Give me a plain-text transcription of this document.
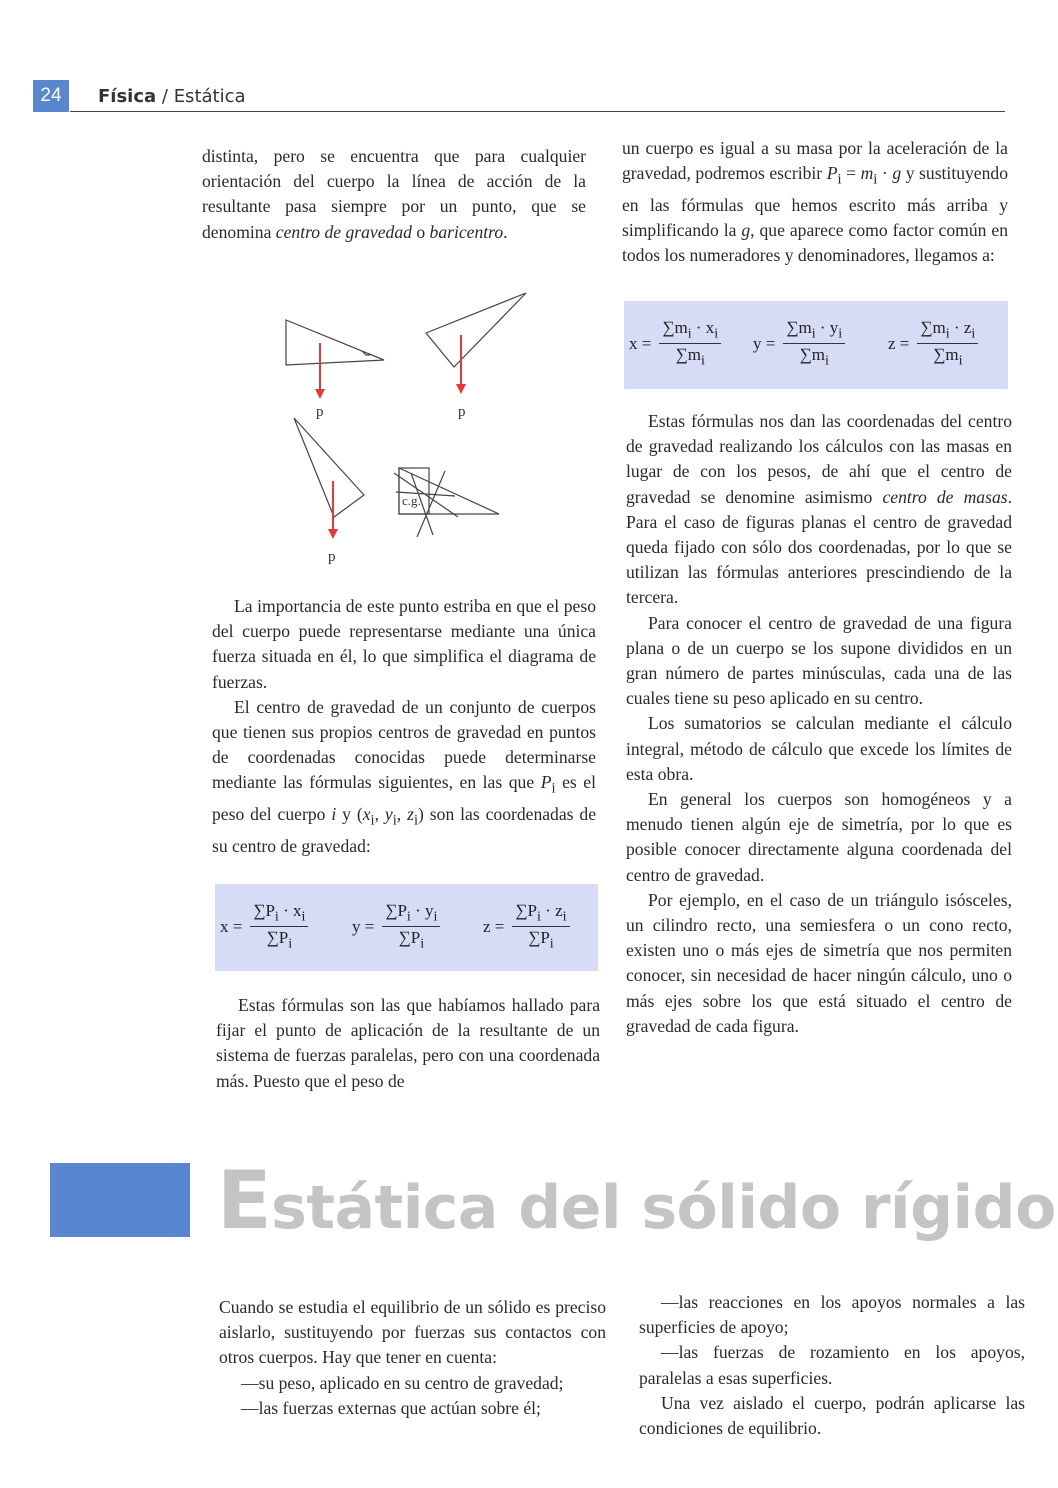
24	Física / Estática

distinta, pero se encuentra que para cualquier orientación del cuerpo la línea de acción de la resultante pasa siempre por un punto, que se denomina centro de gravedad o baricentro.

p	p
p
c.g.

La importancia de este punto estriba en que el peso del cuerpo puede representarse mediante una única fuerza situada en él, lo que simplifica el diagrama de fuerzas.

El centro de gravedad de un conjunto de cuerpos que tienen sus propios centros de gravedad en puntos de coordenadas conocidas puede determinarse mediante las fórmulas siguientes, en las que $P_i$ es el peso del cuerpo i y ($x_i$, $y_i$, $z_i$) son las coordenadas de su centro de gravedad:

$x = \frac{\sum P_i \cdot x_i}{\sum P_i}$	$y = \frac{\sum P_i \cdot y_i}{\sum P_i}$	$z = \frac{\sum P_i \cdot z_i}{\sum P_i}$

Estas fórmulas son las que habíamos hallado para fijar el punto de aplicación de la resultante de un sistema de fuerzas paralelas, pero con una coordenada más. Puesto que el peso de

un cuerpo es igual a su masa por la aceleración de la gravedad, podremos escribir $P_i = m_i \cdot g$ y sustituyendo en las fórmulas que hemos escrito más arriba y simplificando la g, que aparece como factor común en todos los numeradores y denominadores, llegamos a:

$x = \frac{\sum m_i \cdot x_i}{\sum m_i}$ $y = \frac{\sum m_i \cdot y_i}{\sum m_i}$	$z = \frac{\sum m_i \cdot z_i}{\sum m_i}$

Estas fórmulas nos dan las coordenadas del centro de gravedad realizando los cálculos con las masas en lugar de con los pesos, de ahí que el centro de gravedad se denomine asimismo centro de masas. Para el caso de figuras planas el centro de gravedad queda fijado con sólo dos coordenadas, por lo que se utilizan las fórmulas anteriores prescindiendo de la tercera.

Para conocer el centro de gravedad de una figura plana o de un cuerpo se los supone divididos en un gran número de partes minúsculas, cada una de las cuales tiene su peso aplicado en su centro.

Los sumatorios se calculan mediante el cálculo integral, método de cálculo que excede los límites de esta obra.

En general los cuerpos son homogéneos y a menudo tienen algún eje de simetría, por lo que es posible conocer directamente alguna coordenada del centro de gravedad.

Por ejemplo, en el caso de un triángulo isósceles, un cilindro recto, una semiesfera o un cono recto, existen uno o más ejes de simetría que nos permiten conocer, sin necesidad de hacer ningún cálculo, uno o más ejes sobre los que está situado el centro de gravedad de cada figura.

Estática del sólido rígido

Cuando se estudia el equilibrio de un sólido es preciso aislarlo, sustituyendo por fuerzas sus contactos con otros cuerpos. Hay que tener en cuenta:

—su peso, aplicado en su centro de gravedad;

—las fuerzas externas que actúan sobre él;

—las reacciones en los apoyos normales a las superficies de apoyo;

—las fuerzas de rozamiento en los apoyos, paralelas a esas superficies.

Una vez aislado el cuerpo, podrán aplicarse las condiciones de equilibrio.
